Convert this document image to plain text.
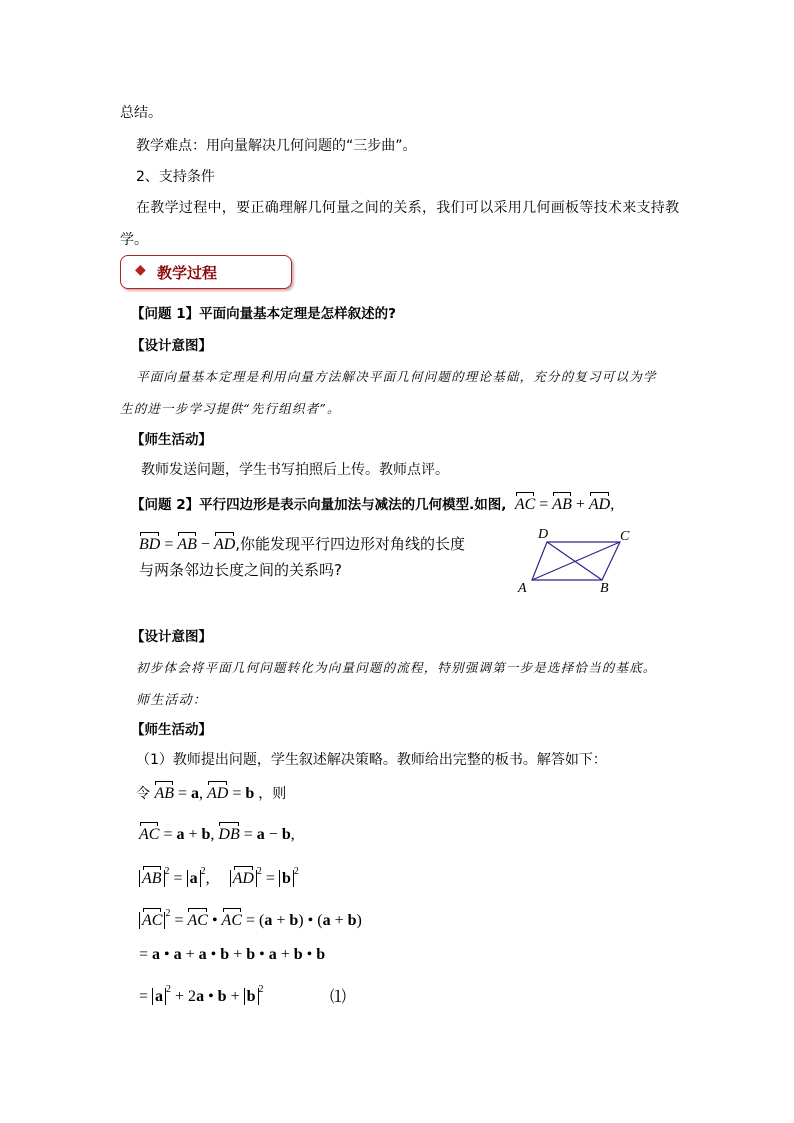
总结。
教学难点：用向量解决几何问题的“三步曲”。
2、支持条件
在教学过程中，要正确理解几何量之间的关系，我们可以采用几何画板等技术来支持教
学。
◆ 教学过程
【问题 1】平面向量基本定理是怎样叙述的?
【设计意图】
平面向量基本定理是利用向量方法解决平面几何问题的理论基础，充分的复习可以为学
生的进一步学习提供“先行组织者”。
【师生活动】
教师发送问题，学生书写拍照后上传。教师点评。
【问题 2】平行四边形是表示向量加法与减法的几何模型.如图, AC = AB + AD,
BD = AB − AD,你能发现平行四边形对角线的长度
与两条邻边长度之间的关系吗?
A	B
C
D
【设计意图】
初步体会将平面几何问题转化为向量问题的流程，特别强调第一步是选择恰当的基底。
师生活动：
【师生活动】
（1）教师提出问题，学生叙述解决策略。教师给出完整的板书。解答如下：
令 AB = a, AD = b ，则
AC = a + b, DB = a − b,
AB $^2$ = a $^2$,     AD $^2$ = b $^2$
AC $^2$ = AC • AC = (a + b) • (a + b)
= a • a + a • b + b • a + b • b
= a $^2$ + 2a • b + b $^2$	⑴
